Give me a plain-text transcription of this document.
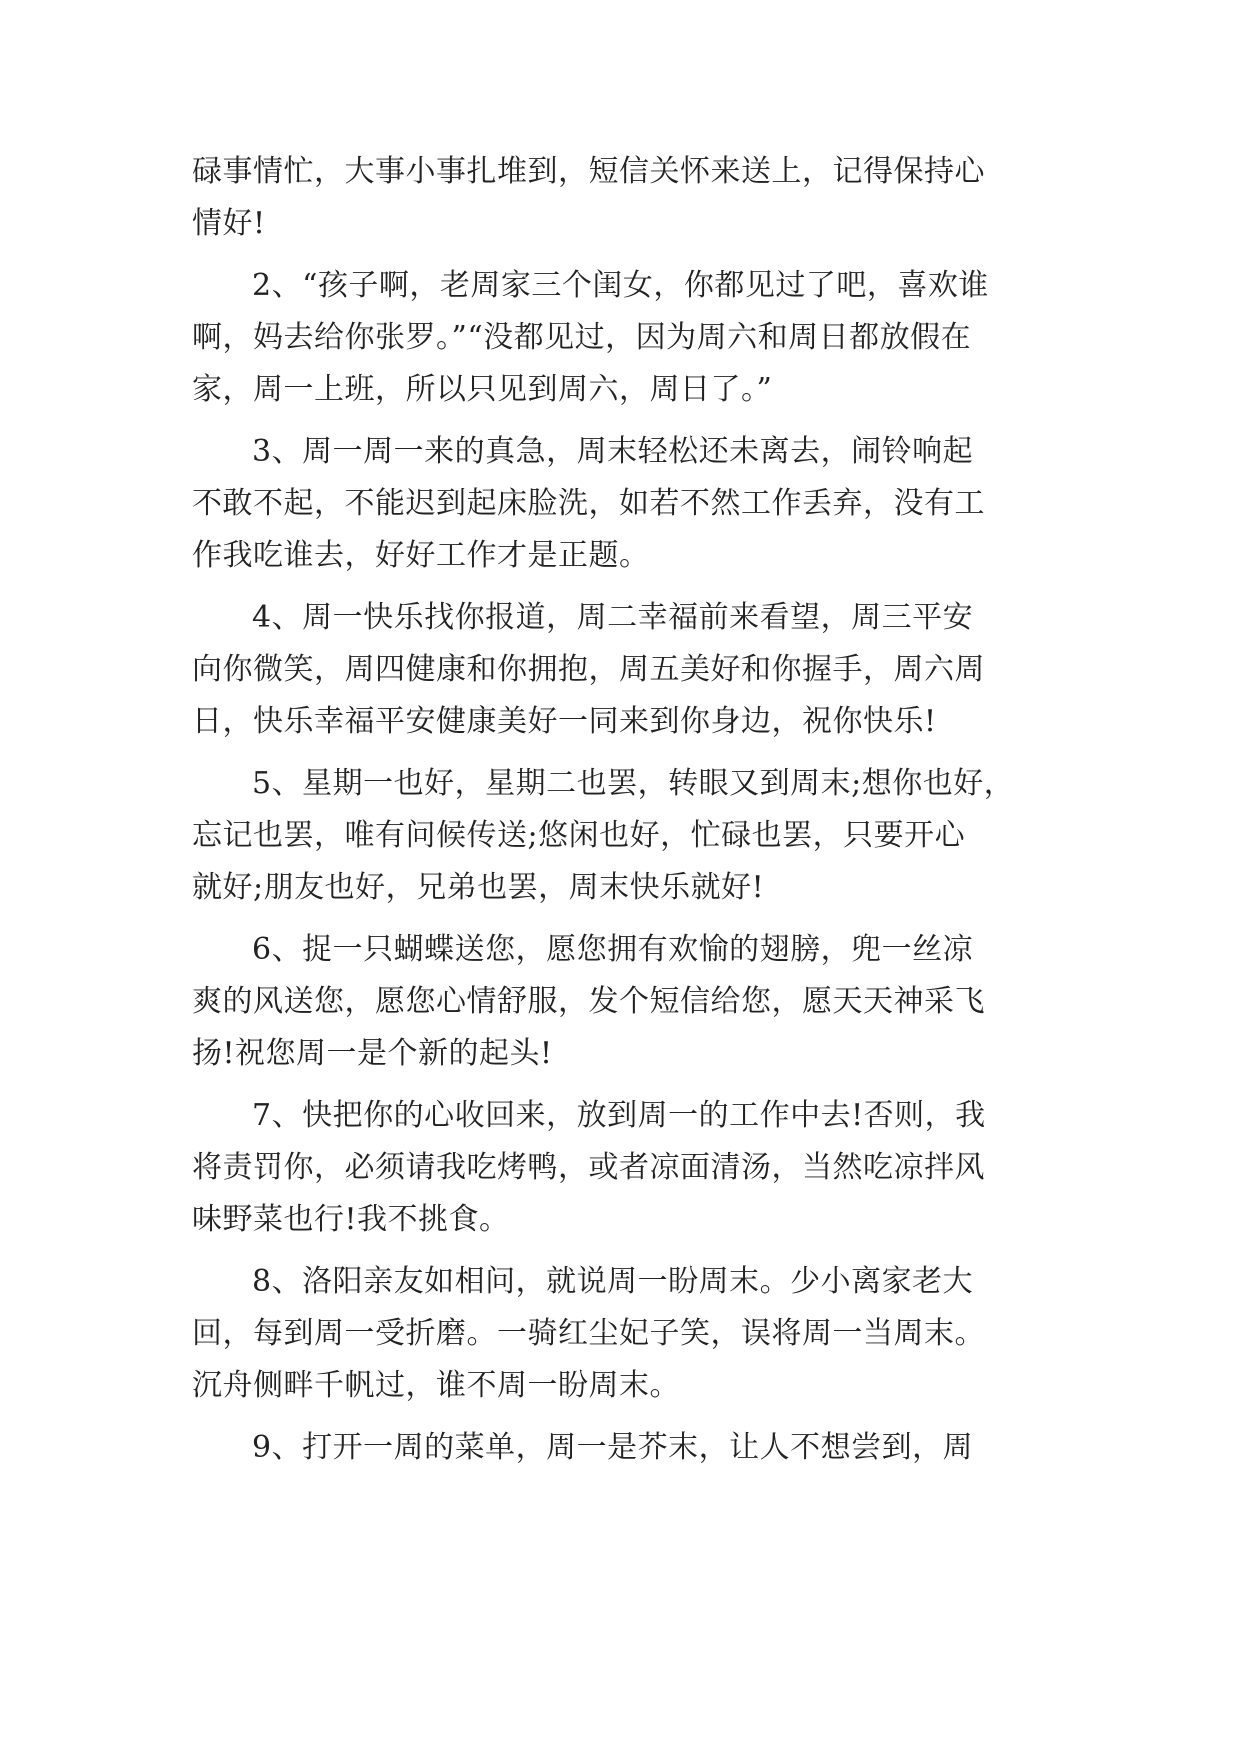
碌事情忙，大事小事扎堆到，短信关怀来送上，记得保持心
情好!
2、“孩子啊，老周家三个闺女，你都见过了吧，喜欢谁
啊，妈去给你张罗。”“没都见过，因为周六和周日都放假在
家，周一上班，所以只见到周六，周日了。”
3、周一周一来的真急，周末轻松还未离去，闹铃响起
不敢不起，不能迟到起床脸洗，如若不然工作丢弃，没有工
作我吃谁去，好好工作才是正题。
4、周一快乐找你报道，周二幸福前来看望，周三平安
向你微笑，周四健康和你拥抱，周五美好和你握手，周六周
日，快乐幸福平安健康美好一同来到你身边，祝你快乐!
5、星期一也好，星期二也罢，转眼又到周末;想你也好，
忘记也罢，唯有问候传送;悠闲也好，忙碌也罢，只要开心
就好;朋友也好，兄弟也罢，周末快乐就好!
6、捉一只蝴蝶送您，愿您拥有欢愉的翅膀，兜一丝凉
爽的风送您，愿您心情舒服，发个短信给您，愿天天神采飞
扬!祝您周一是个新的起头!
7、快把你的心收回来，放到周一的工作中去!否则，我
将责罚你，必须请我吃烤鸭，或者凉面清汤，当然吃凉拌风
味野菜也行!我不挑食。
8、洛阳亲友如相问，就说周一盼周末。少小离家老大
回，每到周一受折磨。一骑红尘妃子笑，误将周一当周末。
沉舟侧畔千帆过，谁不周一盼周末。
9、打开一周的菜单，周一是芥末，让人不想尝到，周
